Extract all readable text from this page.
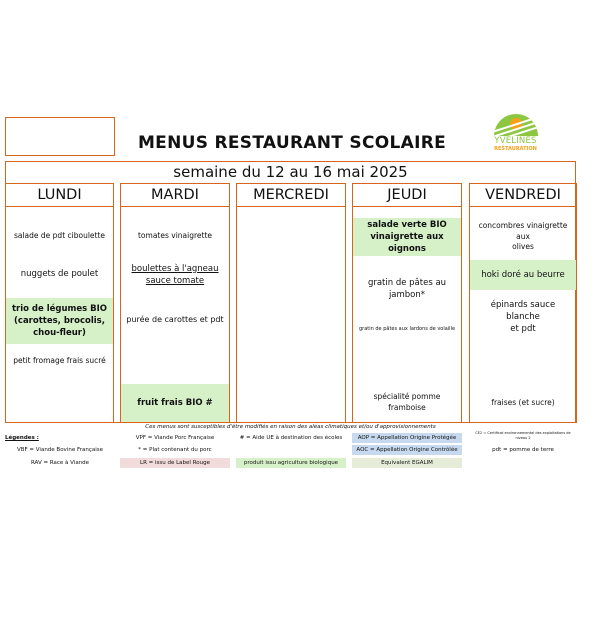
MENUS RESTAURANT SCOLAIRE	YVELINES
RESTAURATION
semaine du 12 au 16 mai 2025
LUNDI
salade de pdt ciboulette
nuggets de poulet
trio de légumes BIO
(carottes, brocolis,
chou-fleur)
petit fromage frais sucré
MARDI
tomates vinaigrette
boulettes à l'agneau
sauce tomate
purée de carottes et pdt
fruit frais BIO #
MERCREDI	JEUDI
salade verte BIO
vinaigrette aux oignons
gratin de pâtes au
jambon*
gratin de pâtes aux lardons de volaille
spécialité pomme framboise
VENDREDI
concombres vinaigrette aux
olives
hoki doré au beurre
épinards sauce blanche
et pdt
fraises (et sucre)
Ces menus sont susceptibles d'être modifiés en raison des aléas climatiques et/ou d'approvisionnements
Légendes :
VBF = Viande Bovine Française
RAV = Race à Viande
VPF = Viande Porc Française
* = Plat contenant du porc
LR = issu de Label Rouge
# = Aide UE à destination des écoles
produit issu agriculture biologique
AOP = Appellation Origine Protégée
AOC = Appellation Origine Contrôlée
Equivalent EGALIM
CE2 = Certificat environnemental des exploitations de niveau 2
pdt = pomme de terre
